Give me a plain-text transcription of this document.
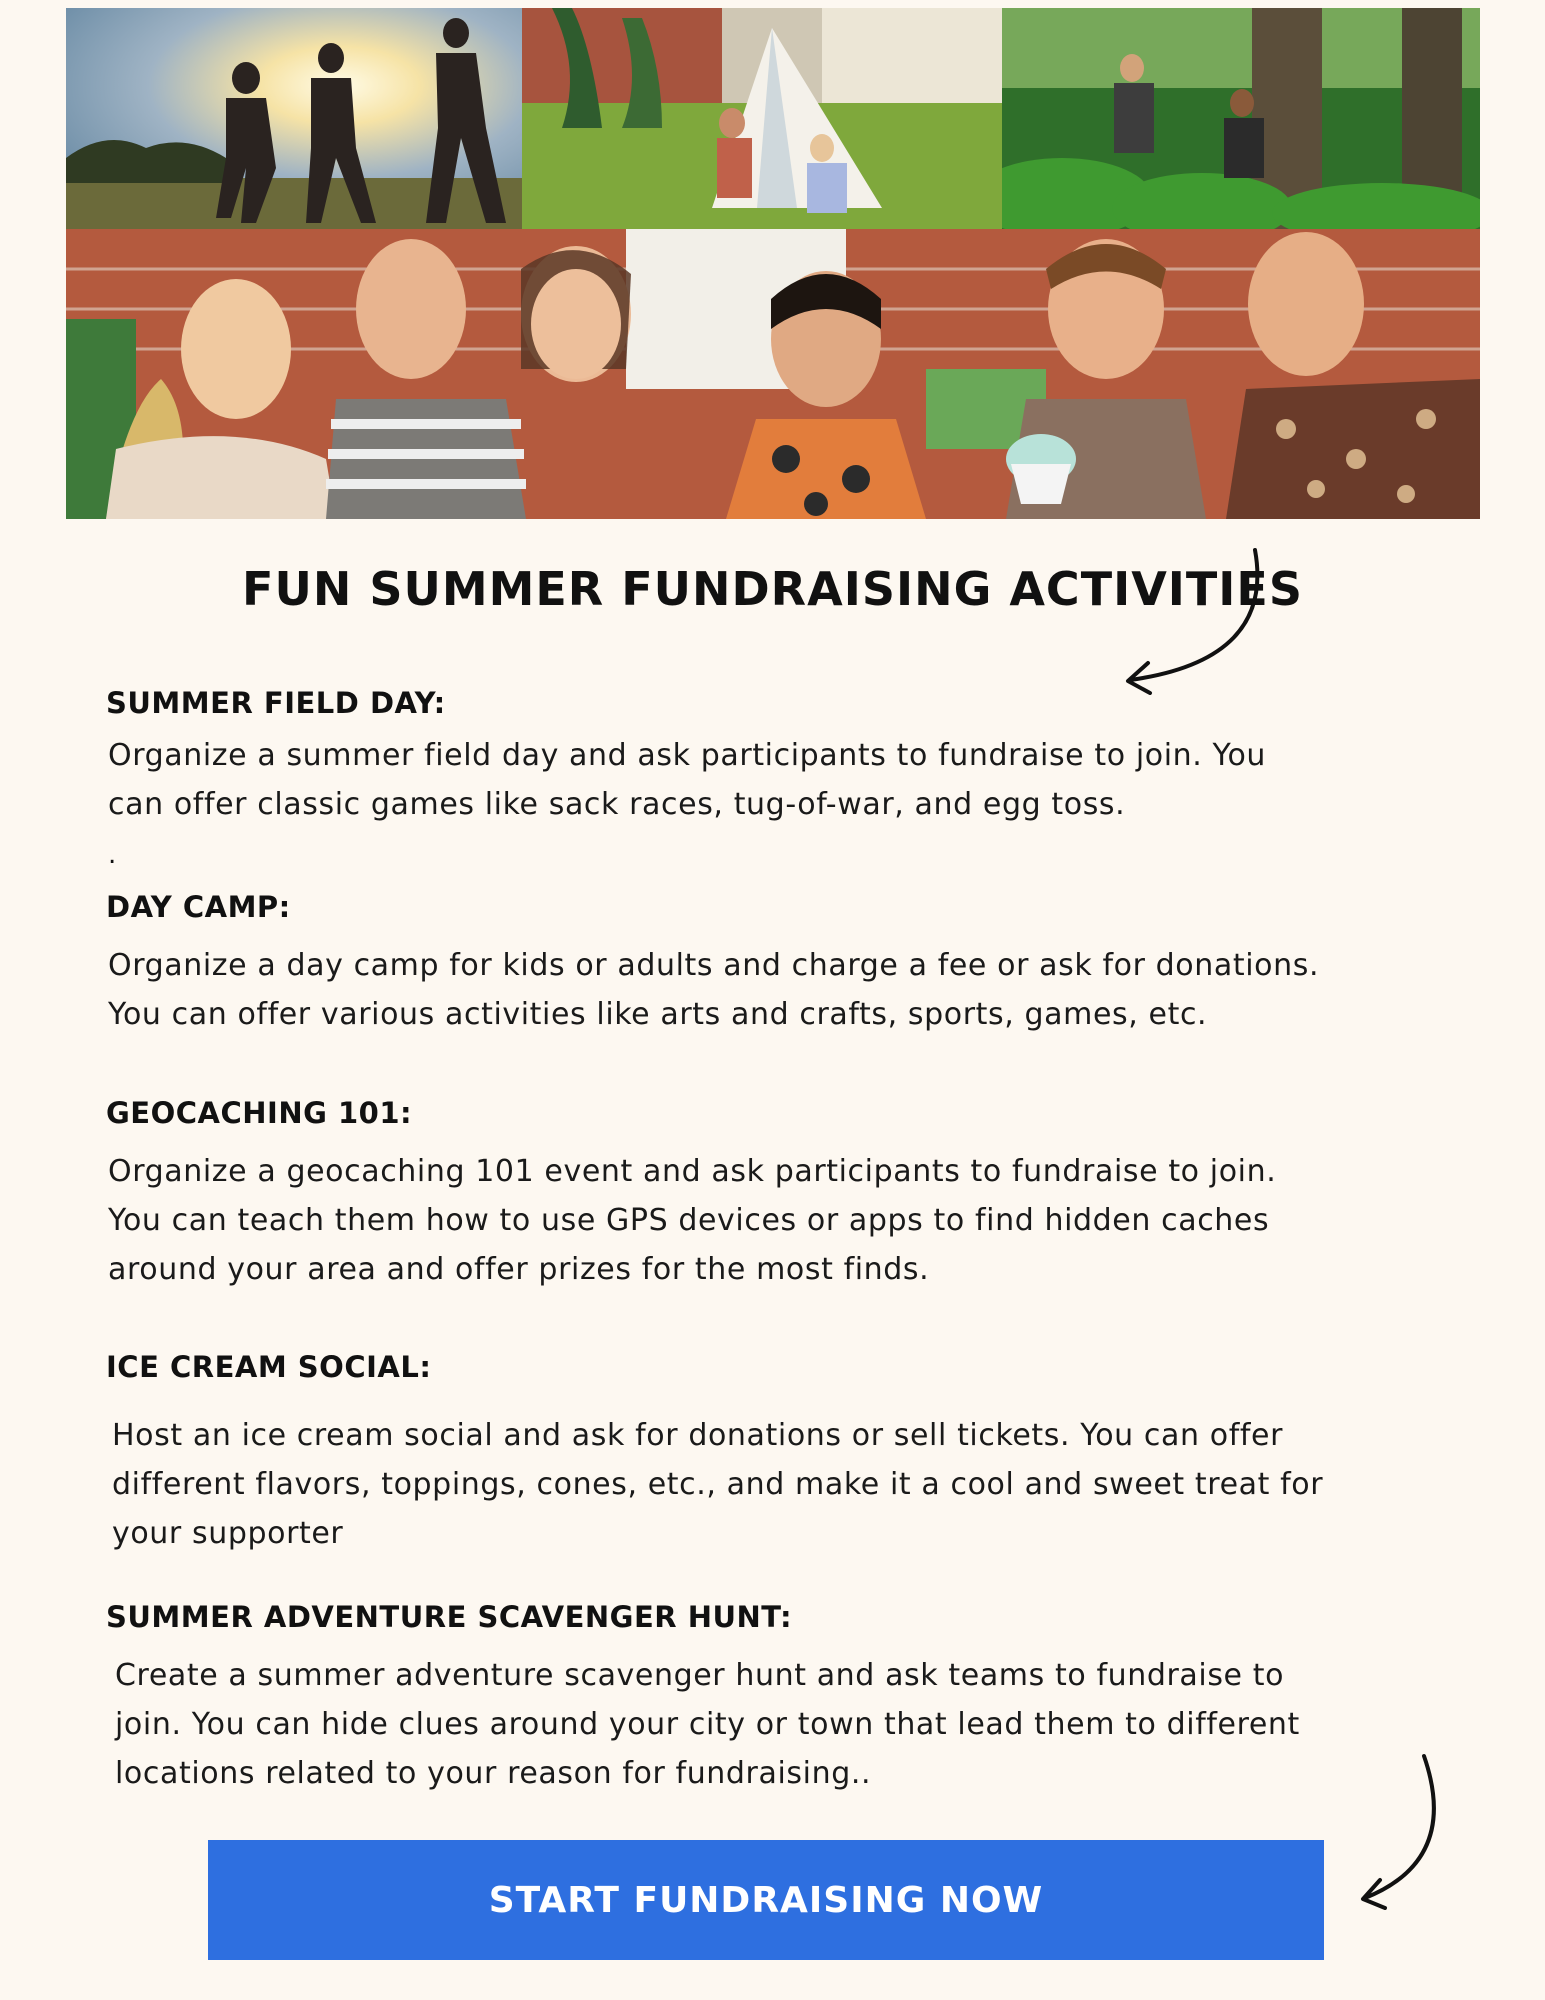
FUN SUMMER FUNDRAISING ACTIVITIES
SUMMER FIELD DAY:
Organize a summer field day and ask participants to fundraise to join. You
can offer classic games like sack races, tug-of-war, and egg toss.
.
DAY CAMP:
Organize a day camp for kids or adults and charge a fee or ask for donations.
You can offer various activities like arts and crafts, sports, games, etc.
GEOCACHING 101:
Organize a geocaching 101 event and ask participants to fundraise to join.
You can teach them how to use GPS devices or apps to find hidden caches
around your area and offer prizes for the most finds.
ICE CREAM SOCIAL:
Host an ice cream social and ask for donations or sell tickets. You can offer
different flavors, toppings, cones, etc., and make it a cool and sweet treat for
your supporter
SUMMER ADVENTURE SCAVENGER HUNT:
Create a summer adventure scavenger hunt and ask teams to fundraise to
join. You can hide clues around your city or town that lead them to different
locations related to your reason for fundraising..
START FUNDRAISING NOW
